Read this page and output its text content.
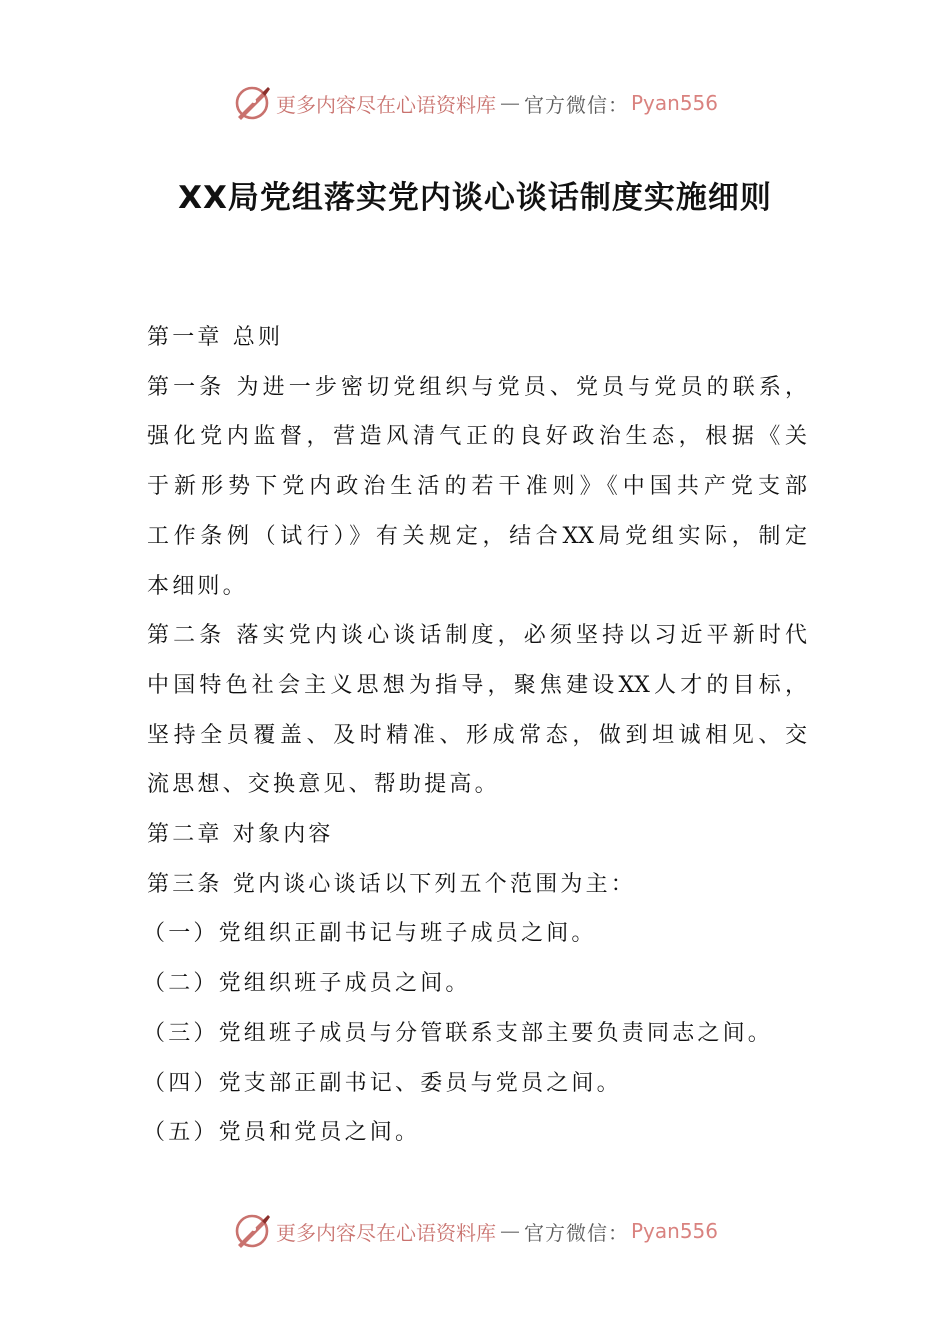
更多内容尽在心语资料库 — 官方微信： Pyan556
XX局党组落实党内谈心谈话制度实施细则
第一章 总则
第一条 为进一步密切党组织与党员、党员与党员的联系，
强化党内监督，营造风清气正的良好政治生态，根据《关
于新形势下党内政治生活的若干准则》《中国共产党支部
工作条例（试行）》有关规定，结合XX局党组实际，制定
本细则。
第二条 落实党内谈心谈话制度，必须坚持以习近平新时代
中国特色社会主义思想为指导，聚焦建设XX人才的目标，
坚持全员覆盖、及时精准、形成常态，做到坦诚相见、交
流思想、交换意见、帮助提高。
第二章 对象内容
第三条 党内谈心谈话以下列五个范围为主：
（一）党组织正副书记与班子成员之间。
（二）党组织班子成员之间。
（三）党组班子成员与分管联系支部主要负责同志之间。
（四）党支部正副书记、委员与党员之间。
（五）党员和党员之间。
更多内容尽在心语资料库 — 官方微信： Pyan556
